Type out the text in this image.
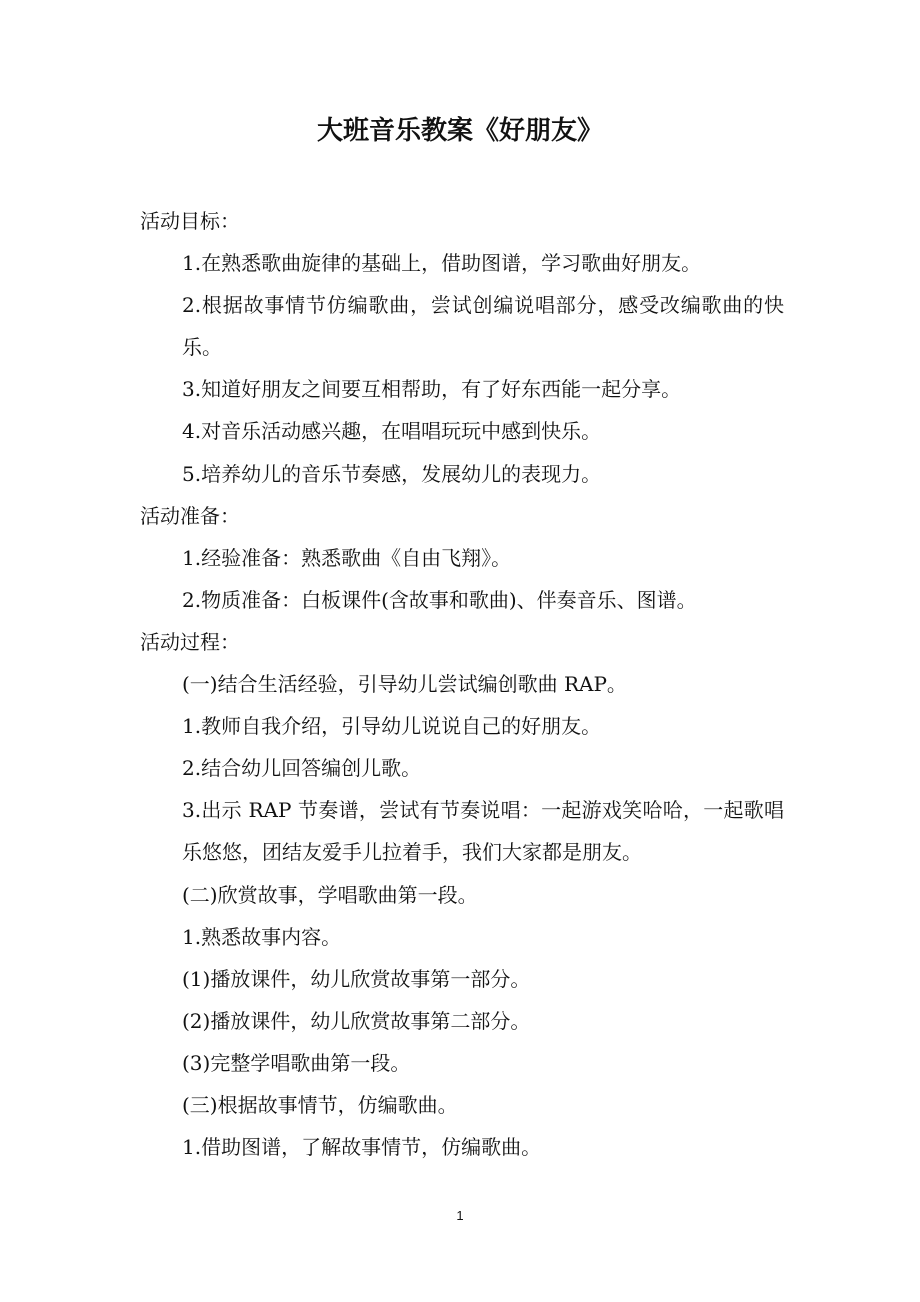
大班音乐教案《好朋友》

活动目标：

1.在熟悉歌曲旋律的基础上，借助图谱，学习歌曲好朋友。

2.根据故事情节仿编歌曲，尝试创编说唱部分，感受改编歌曲的快乐。

3.知道好朋友之间要互相帮助，有了好东西能一起分享。

4.对音乐活动感兴趣，在唱唱玩玩中感到快乐。

5.培养幼儿的音乐节奏感，发展幼儿的表现力。

活动准备：

1.经验准备：熟悉歌曲《自由飞翔》。

2.物质准备：白板课件(含故事和歌曲)、伴奏音乐、图谱。

活动过程：

(一)结合生活经验，引导幼儿尝试编创歌曲 RAP。

1.教师自我介绍，引导幼儿说说自己的好朋友。

2.结合幼儿回答编创儿歌。

3.出示 RAP 节奏谱，尝试有节奏说唱：一起游戏笑哈哈，一起歌唱乐悠悠，团结友爱手儿拉着手，我们大家都是朋友。

(二)欣赏故事，学唱歌曲第一段。

1.熟悉故事内容。

(1)播放课件，幼儿欣赏故事第一部分。

(2)播放课件，幼儿欣赏故事第二部分。

(3)完整学唱歌曲第一段。

(三)根据故事情节，仿编歌曲。

1.借助图谱，了解故事情节，仿编歌曲。

1
